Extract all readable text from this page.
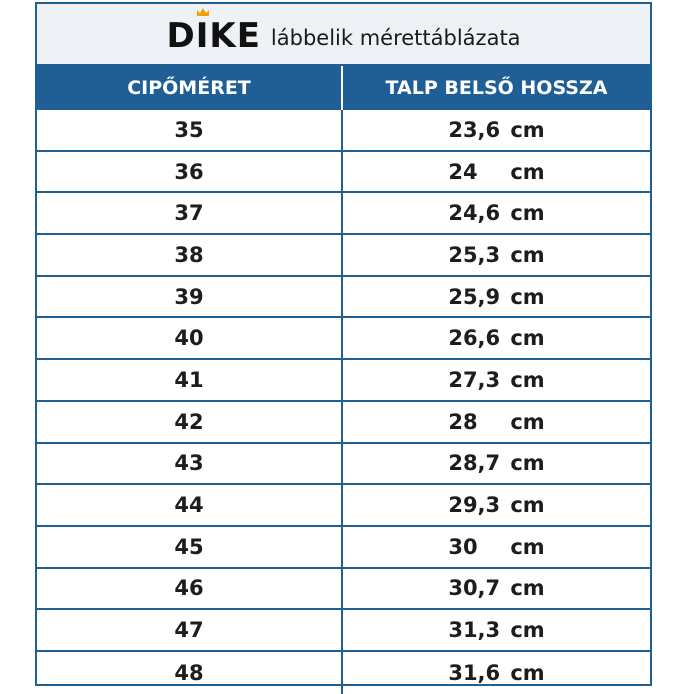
D I KE lábbelik mérettáblázata
CIPŐMÉRET	TALP BELSŐ HOSSZA
35	23,6 cm
36	24	cm
37	24,6 cm
38	25,3 cm
39	25,9 cm
40	26,6 cm
41	27,3 cm
42	28	cm
43	28,7 cm
44	29,3 cm
45	30	cm
46	30,7 cm
47	31,3 cm
48	31,6 cm
